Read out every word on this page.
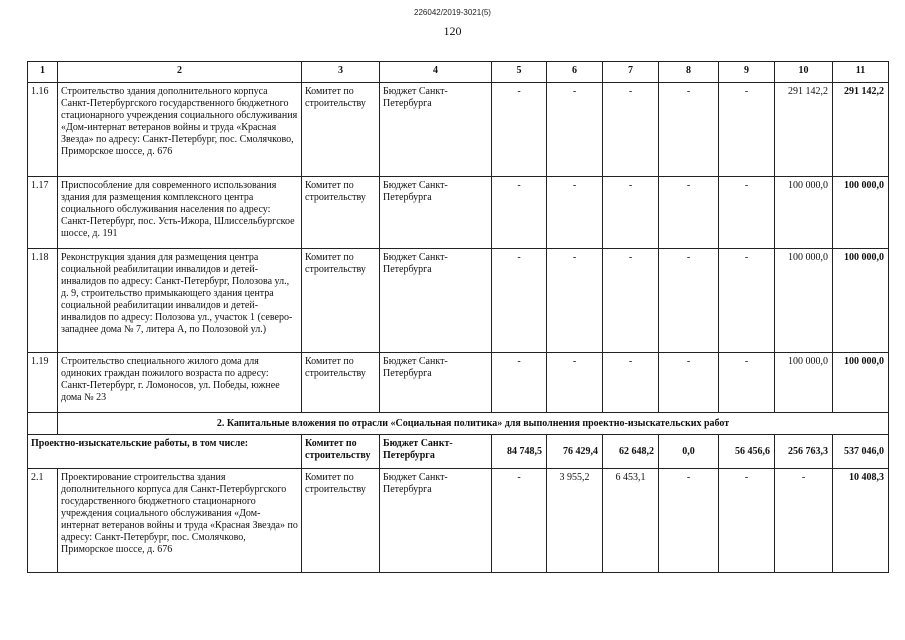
226042/2019-3021(5)
120
1	2	3	4	5	6	7	8	9	10	11
1.16	Строительство здания дополнительного корпуса Санкт-Петербургского государственного бюджетного стационарного учреждения социального обслуживания «Дом-интернат ветеранов войны и труда «Красная Звезда» по адресу: Санкт-Петербург, пос. Смолячково, Приморское шоссе, д. 676	Комитет по строительству	Бюджет Санкт-Петербурга	-	-	-	-	-	291 142,2	291 142,2
1.17	Приспособление для современного использования здания для размещения комплексного центра социального обслуживания населения по адресу: Санкт-Петербург, пос. Усть-Ижора, Шлиссельбургское шоссе, д. 191	Комитет по строительству	Бюджет Санкт-Петербурга	-	-	-	-	-	100 000,0	100 000,0
1.18	Реконструкция здания для размещения центра социальной реабилитации инвалидов и детей-инвалидов по адресу: Санкт-Петербург, Полозова ул., д. 9, строительство примыкающего здания центра социальной реабилитации инвалидов и детей-инвалидов по адресу: Полозова ул., участок 1 (северо-западнее дома № 7, литера А, по Полозовой ул.)	Комитет по строительству	Бюджет Санкт-Петербурга	-	-	-	-	-	100 000,0	100 000,0
1.19	Строительство специального жилого дома для одиноких граждан пожилого возраста по адресу: Санкт-Петербург, г. Ломоносов, ул. Победы, южнее дома № 23	Комитет по строительству	Бюджет Санкт-Петербурга	-	-	-	-	-	100 000,0	100 000,0
	2. Капитальные вложения по отрасли «Социальная политика» для выполнения проектно-изыскательских работ									
Проектно-изыскательские работы, в том числе:		Комитет по строительству	Бюджет Санкт-Петербурга	84 748,5	76 429,4	62 648,2	0,0	56 456,6	256 763,3	537 046,0
2.1	Проектирование строительства здания дополнительного корпуса для Санкт-Петербургского государственного бюджетного стационарного учреждения социального обслуживания «Дом-интернат ветеранов войны и труда «Красная Звезда» по адресу: Санкт-Петербург, пос. Смолячково, Приморское шоссе, д. 676	Комитет по строительству	Бюджет Санкт-Петербурга	-	3 955,2	6 453,1	-	-	-	10 408,3
